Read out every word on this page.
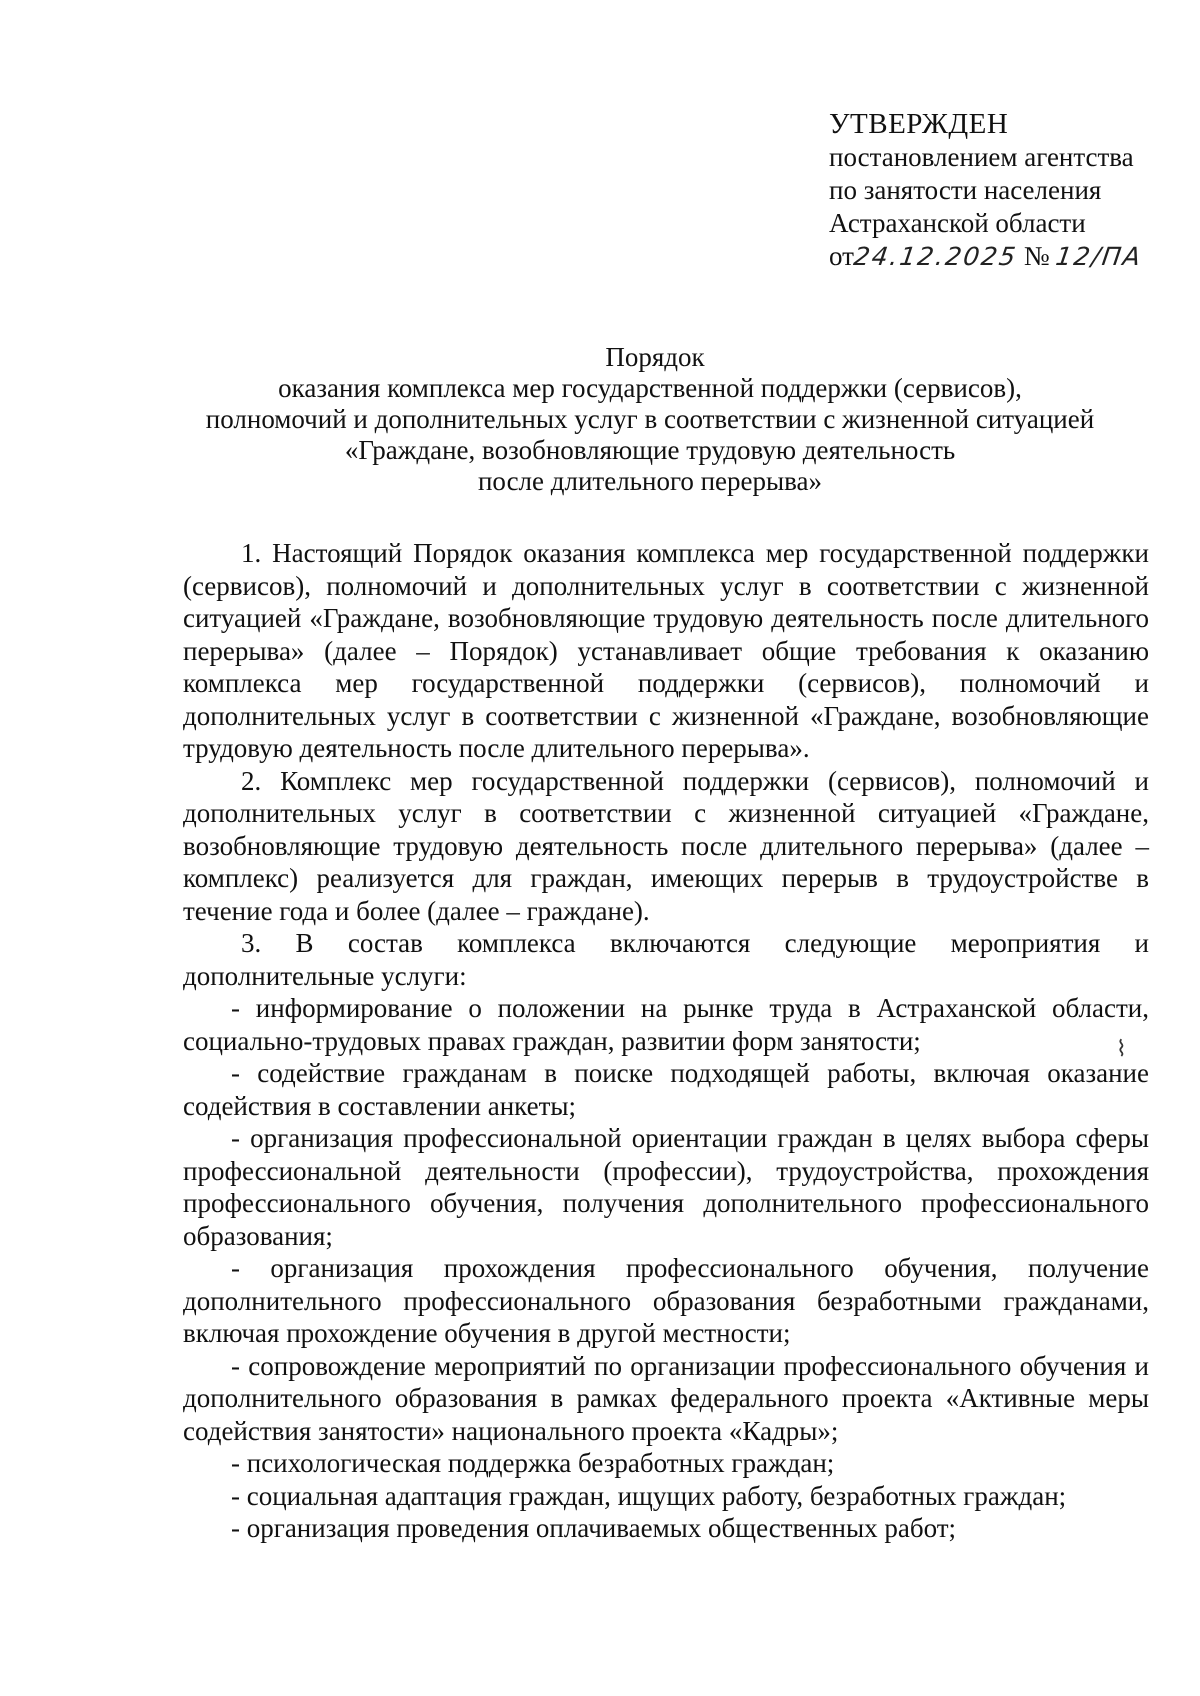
УТВЕРЖДЕН
постановлением агентства
по занятости населения
Астраханской области
от24.12.2025 № 12/ПА
Порядок
оказания комплекса мер государственной поддержки (сервисов),
полномочий и дополнительных услуг в соответствии с жизненной ситуацией
«Граждане, возобновляющие трудовую деятельность
после длительного перерыва»

1. Настоящий Порядок оказания комплекса мер государственной поддержки (сервисов), полномочий и дополнительных услуг в соответствии с жизненной ситуацией «Граждане, возобновляющие трудовую деятельность после длительного перерыва» (далее – Порядок) устанавливает общие требования к оказанию комплекса мер государственной поддержки (сервисов), полномочий и дополнительных услуг в соответствии с жизненной «Граждане, возобновляющие трудовую деятельность после длительного перерыва».

2. Комплекс мер государственной поддержки (сервисов), полномочий и дополнительных услуг в соответствии с жизненной ситуацией «Граждане, возобновляющие трудовую деятельность после длительного перерыва» (далее – комплекс) реализуется для граждан, имеющих перерыв в трудоустройстве в течение года и более (далее – граждане).

3. В состав комплекса включаются следующие мероприятия и дополнительные услуги:

- информирование о положении на рынке труда в Астраханской области, социально-трудовых правах граждан, развитии форм занятости;

- содействие гражданам в поиске подходящей работы, включая оказание содействия в составлении анкеты;

- организация профессиональной ориентации граждан в целях выбора сферы профессиональной деятельности (профессии), трудоустройства, прохождения профессионального обучения, получения дополнительного профессионального образования;

- организация прохождения профессионального обучения, получение дополнительного профессионального образования безработными гражданами, включая прохождение обучения в другой местности;

- сопровождение мероприятий по организации профессионального обучения и дополнительного образования в рамках федерального проекта «Активные меры содействия занятости» национального проекта «Кадры»;

- психологическая поддержка безработных граждан;

- социальная адаптация граждан, ищущих работу, безработных граждан;

- организация проведения оплачиваемых общественных работ;

⌇
